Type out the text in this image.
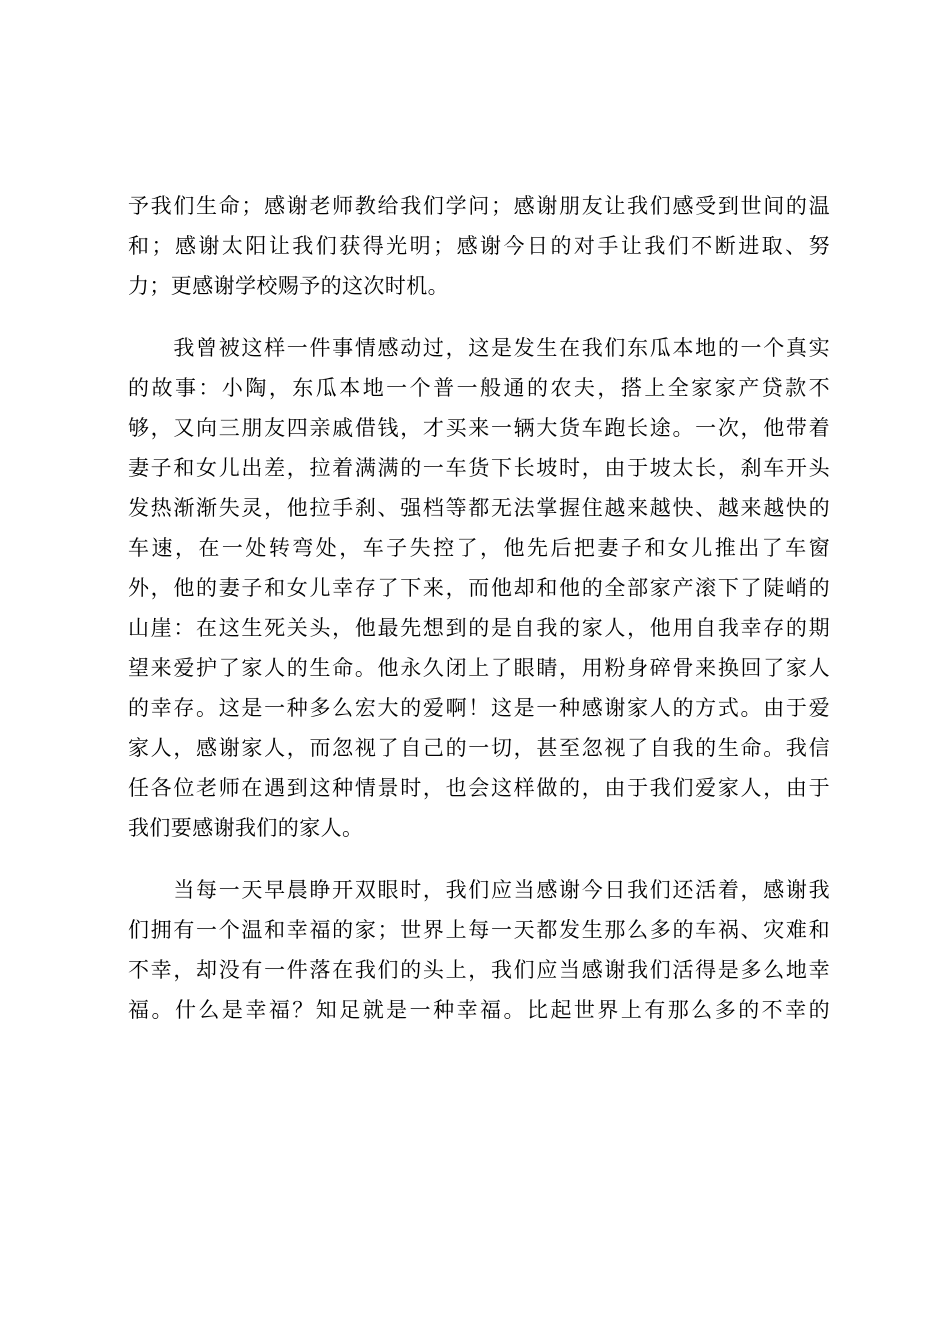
予我们生命；感谢老师教给我们学问；感谢朋友让我们感受到世间的温
和；感谢太阳让我们获得光明；感谢今日的对手让我们不断进取、努
力；更感谢学校赐予的这次时机。

　　我曾被这样一件事情感动过，这是发生在我们东瓜本地的一个真实
的故事：小陶，东瓜本地一个普一般通的农夫，搭上全家家产贷款不
够，又向三朋友四亲戚借钱，才买来一辆大货车跑长途。一次，他带着
妻子和女儿出差，拉着满满的一车货下长坡时，由于坡太长，刹车开头
发热渐渐失灵，他拉手刹、强档等都无法掌握住越来越快、越来越快的
车速，在一处转弯处，车子失控了，他先后把妻子和女儿推出了车窗
外，他的妻子和女儿幸存了下来，而他却和他的全部家产滚下了陡峭的
山崖：在这生死关头，他最先想到的是自我的家人，他用自我幸存的期
望来爱护了家人的生命。他永久闭上了眼睛，用粉身碎骨来换回了家人
的幸存。这是一种多么宏大的爱啊！这是一种感谢家人的方式。由于爱
家人，感谢家人，而忽视了自己的一切，甚至忽视了自我的生命。我信
任各位老师在遇到这种情景时，也会这样做的，由于我们爱家人，由于
我们要感谢我们的家人。

　　当每一天早晨睁开双眼时，我们应当感谢今日我们还活着，感谢我
们拥有一个温和幸福的家；世界上每一天都发生那么多的车祸、灾难和
不幸，却没有一件落在我们的头上，我们应当感谢我们活得是多么地幸
福。什么是幸福？知足就是一种幸福。比起世界上有那么多的不幸的
